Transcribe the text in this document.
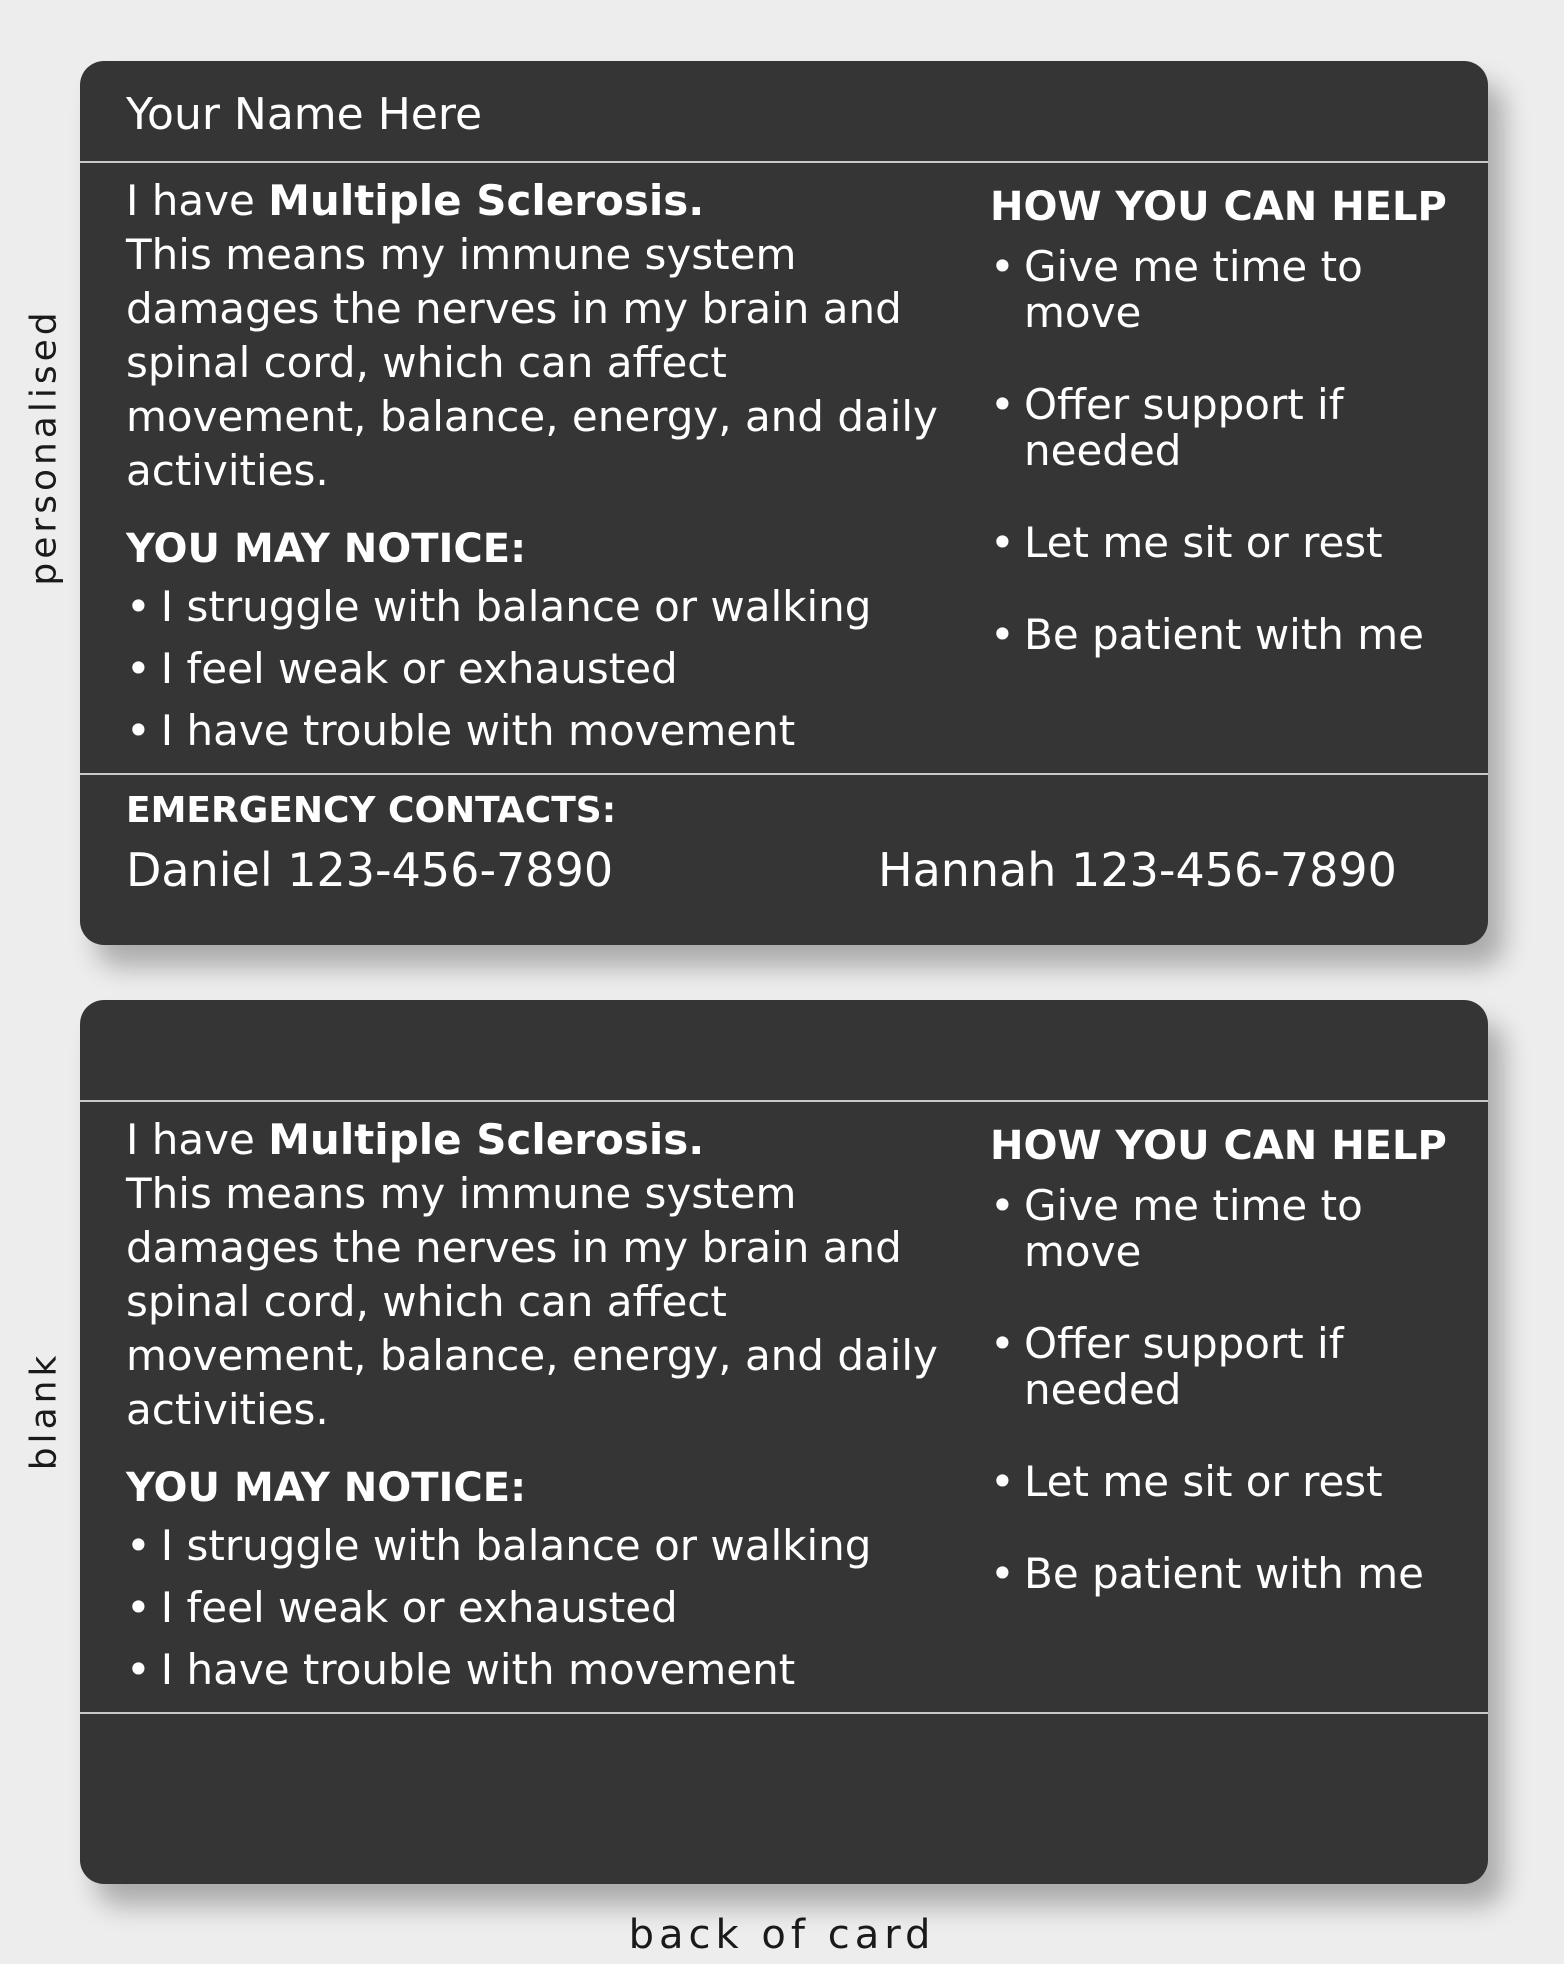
personalised
blank
Your Name Here

I have Multiple Sclerosis.
This means my immune system damages the nerves in my brain and spinal cord, which can affect movement, balance, energy, and daily activities.

YOU MAY NOTICE:
• I struggle with balance or walking
• I feel weak or exhausted
• I have trouble with movement
HOW YOU CAN HELP
• Give me time to move
• Offer support if needed
• Let me sit or rest
• Be patient with me
EMERGENCY CONTACTS:
Daniel 123-456-7890	Hannah 123-456-7890

I have Multiple Sclerosis.
This means my immune system damages the nerves in my brain and spinal cord, which can affect movement, balance, energy, and daily activities.

YOU MAY NOTICE:
• I struggle with balance or walking
• I feel weak or exhausted
• I have trouble with movement
HOW YOU CAN HELP
• Give me time to move
• Offer support if needed
• Let me sit or rest
• Be patient with me
back of card
